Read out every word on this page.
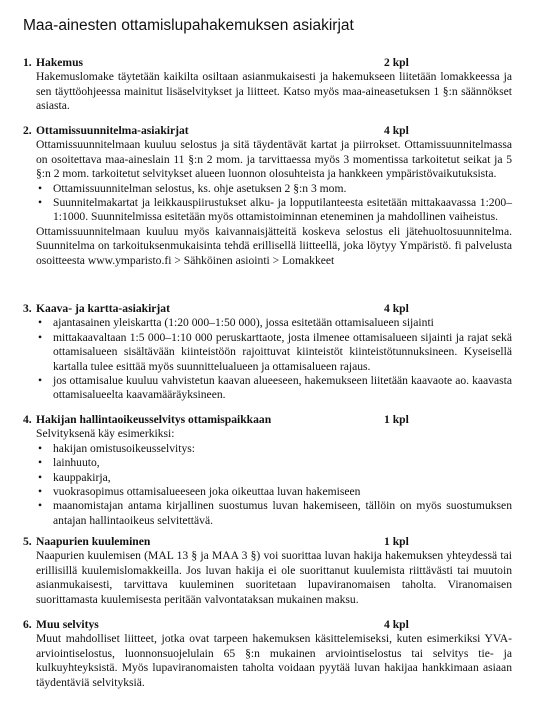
Maa-ainesten ottamislupahakemuksen asiakirjat
1. Hakemus	2 kpl

Hakemuslomake täytetään kaikilta osiltaan asianmukaisesti ja hakemukseen liitetään lomakkeessa ja sen täyttöohjeessa mainitut lisäselvitykset ja liitteet. Katso myös maa-aineasetuksen 1 §:n säännökset asiasta.

2. Ottamissuunnitelma-asiakirjat	4 kpl

Ottamissuunnitelmaan kuuluu selostus ja sitä täydentävät kartat ja piirrokset. Ottamissuunnitelmassa on osoitettava maa-aineslain 11 §:n 2 mom. ja tarvittaessa myös 3 momentissa tarkoitetut seikat ja 5 §:n 2 mom. tarkoitetut selvitykset alueen luonnon olosuhteista ja hankkeen ympäristövaikutuksista.

• Ottamissuunnitelman selostus, ks. ohje asetuksen 2 §:n 3 mom.
• Suunnitelmakartat ja leikkauspiirustukset alku- ja lopputilanteesta esitetään mittakaavassa 1:200–1:1000. Suunnitelmissa esitetään myös ottamistoiminnan eteneminen ja mahdollinen vaiheistus.

Ottamissuunnitelmaan kuuluu myös kaivannaisjätteitä koskeva selostus eli jätehuoltosuunnitelma. Suunnitelma on tarkoituksenmukaisinta tehdä erillisellä liitteellä, joka löytyy Ympäristö. fi palvelusta osoitteesta www.ymparisto.fi > Sähköinen asiointi > Lomakkeet

3. Kaava- ja kartta-asiakirjat	4 kpl
• ajantasainen yleiskartta (1:20 000–1:50 000), jossa esitetään ottamisalueen sijainti
• mittakaavaltaan 1:5 000–1:10 000 peruskarttaote, josta ilmenee ottamisalueen sijainti ja rajat sekä ottamisalueen sisältävään kiinteistöön rajoittuvat kiinteistöt kiinteistötunnuksineen. Kyseisellä kartalla tulee esittää myös suunnittelualueen ja ottamisalueen rajaus.
• jos ottamisalue kuuluu vahvistetun kaavan alueeseen, hakemukseen liitetään kaavaote ao. kaavasta ottamisalueelta kaavamääräyksineen.
4. Hakijan hallintaoikeusselvitys ottamispaikkaan	1 kpl

Selvityksenä käy esimerkiksi:

• hakijan omistusoikeusselvitys:
• lainhuuto,
• kauppakirja,
• vuokrasopimus ottamisalueeseen joka oikeuttaa luvan hakemiseen
• maanomistajan antama kirjallinen suostumus luvan hakemiseen, tällöin on myös suostumuksen antajan hallintaoikeus selvitettävä.
5. Naapurien kuuleminen	1 kpl

Naapurien kuulemisen (MAL 13 § ja MAA 3 §) voi suorittaa luvan hakija hakemuksen yhteydessä tai erillisillä kuulemislomakkeilla. Jos luvan hakija ei ole suorittanut kuulemista riittävästi tai muutoin asianmukaisesti, tarvittava kuuleminen suoritetaan lupaviranomaisen taholta. Viranomaisen suorittamasta kuulemisesta peritään valvontataksan mukainen maksu.

6. Muu selvitys	4 kpl

Muut mahdolliset liitteet, jotka ovat tarpeen hakemuksen käsittelemiseksi, kuten esimerkiksi YVA-arviointiselostus, luonnonsuojelulain 65 §:n mukainen arviointiselostus tai selvitys tie- ja kulkuyhteyksistä. Myös lupaviranomaisten taholta voidaan pyytää luvan hakijaa hankkimaan asiaan täydentäviä selvityksiä.
